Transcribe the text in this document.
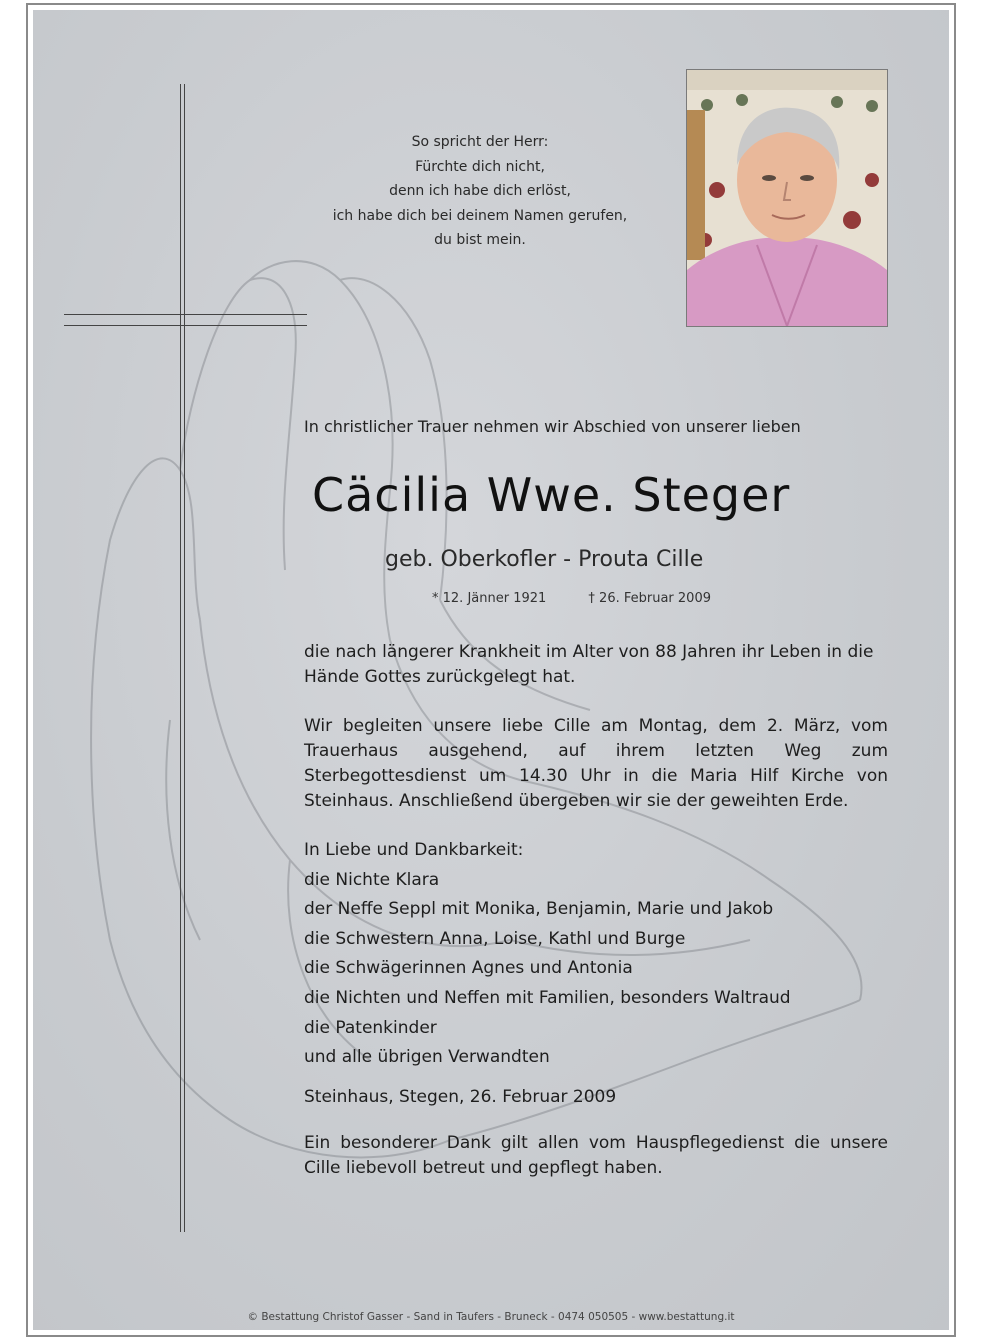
So spricht der Herr:
Fürchte dich nicht,
denn ich habe dich erlöst,
ich habe dich bei deinem Namen gerufen,
du bist mein.
In christlicher Trauer nehmen wir Abschied von unserer lieben
Cäcilia Wwe. Steger
geb. Oberkofler - Prouta Cille
* 12. Jänner 1921	† 26. Februar 2009
die nach längerer Krankheit im Alter von 88 Jahren ihr Leben in die Hände Gottes zurückgelegt hat.
Wir begleiten unsere liebe Cille am Montag, dem 2. März, vom Trauerhaus ausgehend, auf ihrem letzten Weg zum Sterbegottesdienst um 14.30 Uhr in die Maria Hilf Kirche von Steinhaus. Anschließend übergeben wir sie der geweihten Erde.
In Liebe und Dankbarkeit:
die Nichte Klara
der Neffe Seppl mit Monika, Benjamin, Marie und Jakob
die Schwestern Anna, Loise, Kathl und Burge
die Schwägerinnen Agnes und Antonia
die Nichten und Neffen mit Familien, besonders Waltraud
die Patenkinder
und alle übrigen Verwandten
Steinhaus, Stegen, 26. Februar 2009
Ein besonderer Dank gilt allen vom Hauspflegedienst die unsere Cille liebevoll betreut und gepflegt haben.
© Bestattung Christof Gasser - Sand in Taufers - Bruneck - 0474 050505 - www.bestattung.it
